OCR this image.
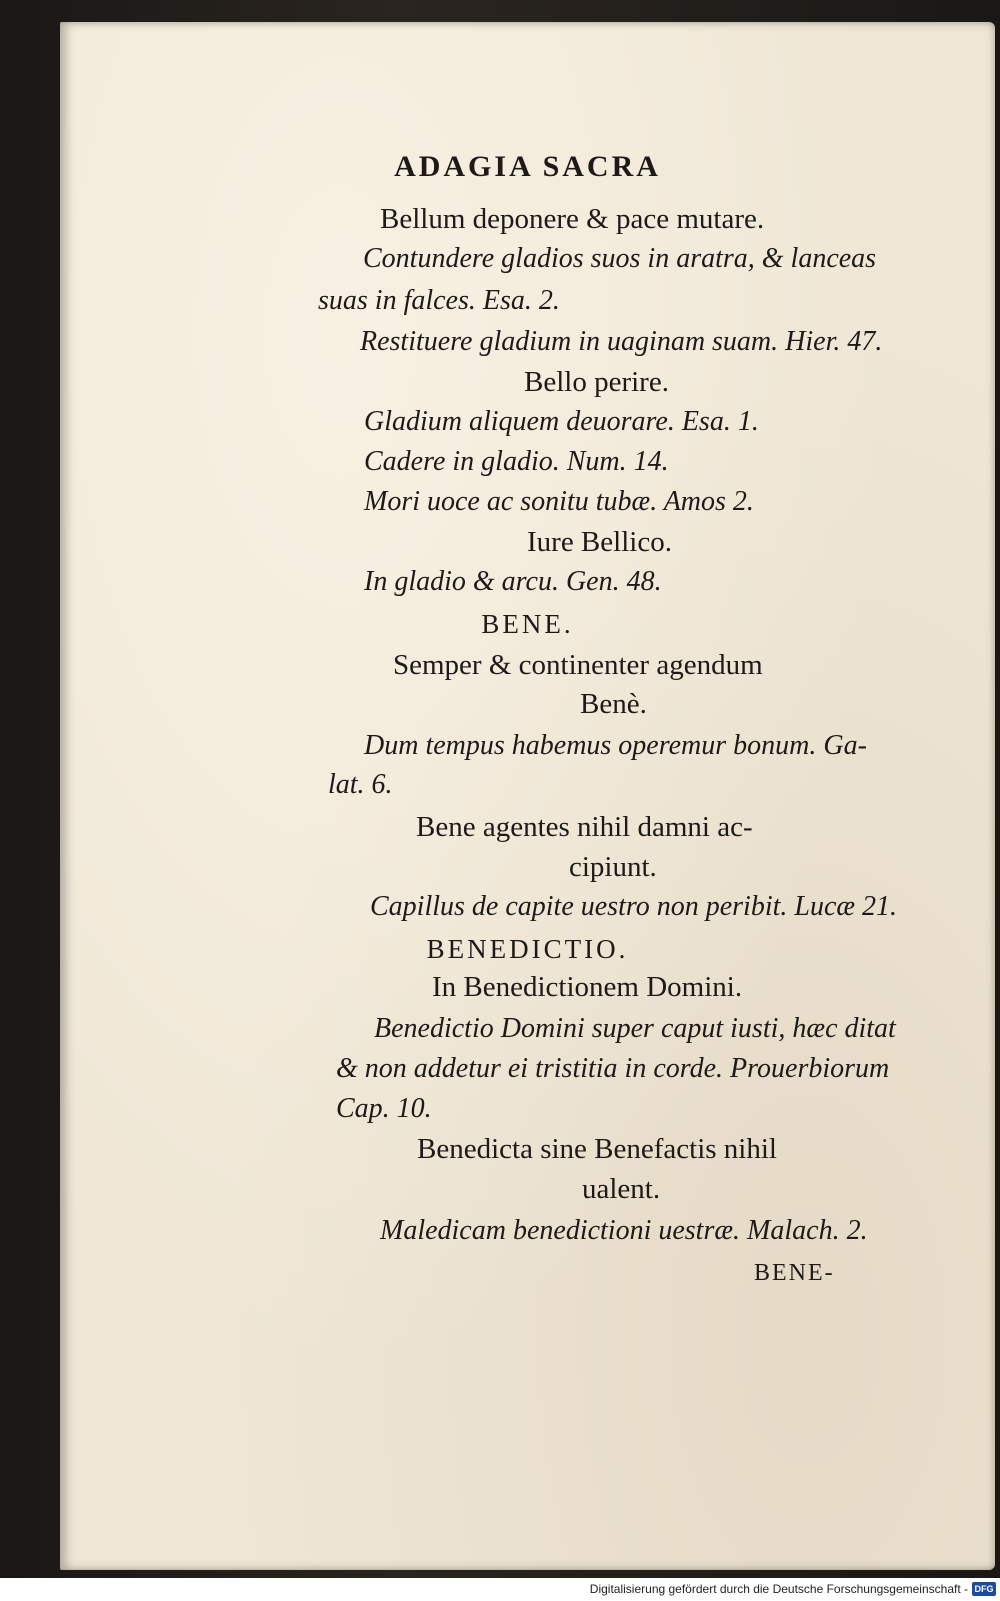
ADAGIA SACRA
Bellum deponere & pace mutare.
Contundere gladios suos in aratra, & lanceas
suas in falces. Esa. 2.
Restituere gladium in uaginam suam. Hier. 47.
Bello perire.
Gladium aliquem deuorare. Esa. 1.
Cadere in gladio. Num. 14.
Mori uoce ac sonitu tubæ. Amos 2.
Iure Bellico.
In gladio & arcu. Gen. 48.
BENE.
Semper & continenter agendum
Benè.
Dum tempus habemus operemur bonum. Ga-
lat. 6.
Bene agentes nihil damni ac-
cipiunt.
Capillus de capite uestro non peribit. Lucæ 21.
BENEDICTIO.
In Benedictionem Domini.
Benedictio Domini super caput iusti, hæc ditat
& non addetur ei tristitia in corde. Prouerbiorum
Cap. 10.
Benedicta sine Benefactis nihil
ualent.
Maledicam benedictioni uestræ. Malach. 2.
BENE-
Digitalisierung gefördert durch die Deutsche Forschungsgemeinschaft - DFG
